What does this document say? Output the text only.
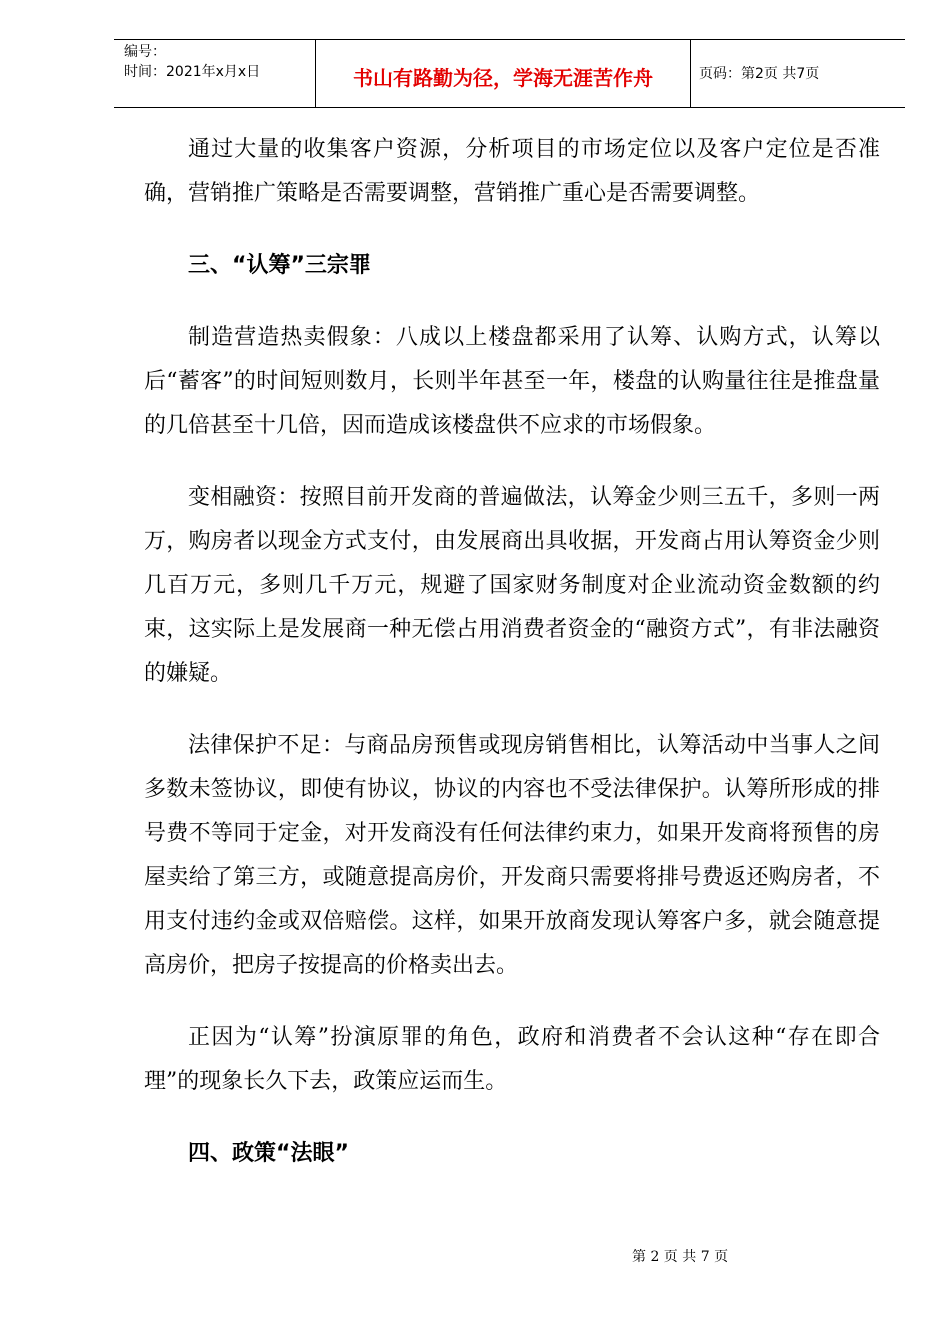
编号：
时间：2021年x月x日	书山有路勤为径，学海无涯苦作舟	页码：第2页 共7页

通过大量的收集客户资源，分析项目的市场定位以及客户定位是否准确，营销推广策略是否需要调整，营销推广重心是否需要调整。

三、“认筹”三宗罪

制造营造热卖假象：八成以上楼盘都采用了认筹、认购方式，认筹以后“蓄客”的时间短则数月，长则半年甚至一年，楼盘的认购量往往是推盘量的几倍甚至十几倍，因而造成该楼盘供不应求的市场假象。

变相融资：按照目前开发商的普遍做法，认筹金少则三五千，多则一两万，购房者以现金方式支付，由发展商出具收据，开发商占用认筹资金少则几百万元，多则几千万元，规避了国家财务制度对企业流动资金数额的约束，这实际上是发展商一种无偿占用消费者资金的“融资方式”，有非法融资的嫌疑。

法律保护不足：与商品房预售或现房销售相比，认筹活动中当事人之间多数未签协议，即使有协议，协议的内容也不受法律保护。认筹所形成的排号费不等同于定金，对开发商没有任何法律约束力，如果开发商将预售的房屋卖给了第三方，或随意提高房价，开发商只需要将排号费返还购房者，不用支付违约金或双倍赔偿。这样，如果开放商发现认筹客户多，就会随意提高房价，把房子按提高的价格卖出去。

正因为“认筹”扮演原罪的角色，政府和消费者不会认这种“存在即合理”的现象长久下去，政策应运而生。

四、政策“法眼”

第 2 页 共 7 页
